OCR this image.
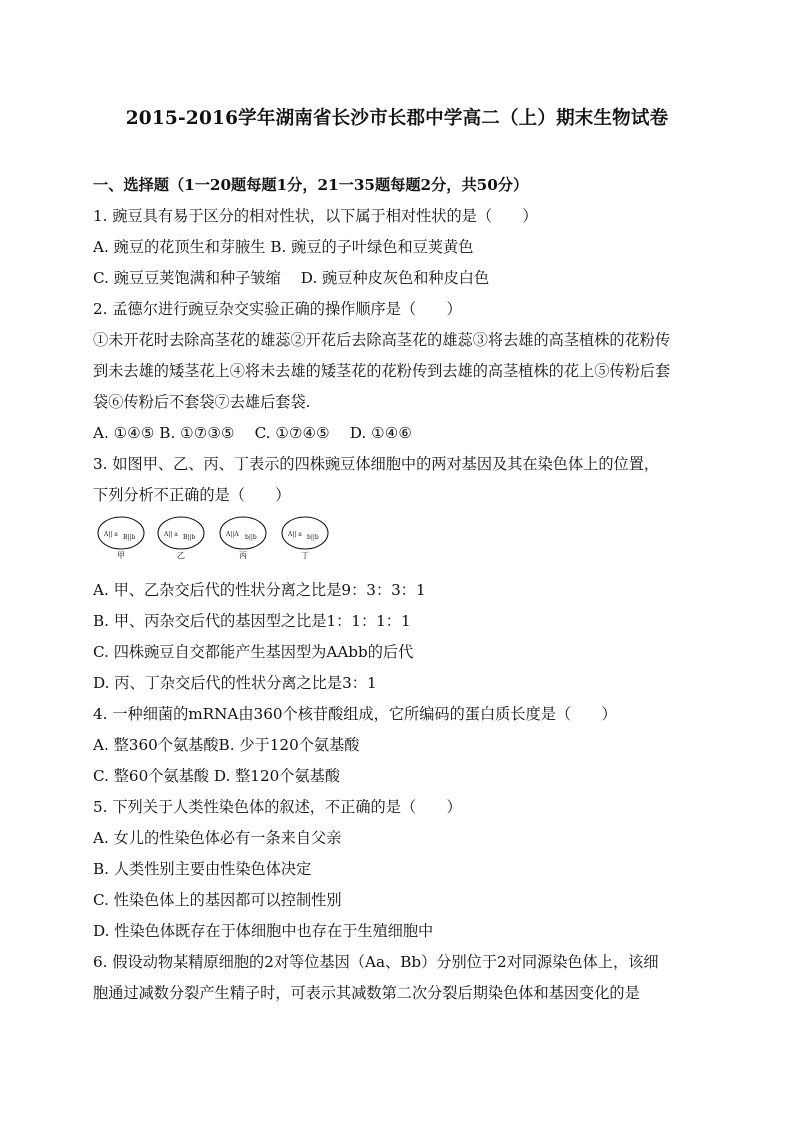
2015-2016学年湖南省长沙市长郡中学高二（上）期末生物试卷
一、选择题（1一20题每题1分，21一35题每题2分，共50分）
1. 豌豆具有易于区分的相对性状，以下属于相对性状的是（　　）
A. 豌豆的花顶生和芽腋生 B. 豌豆的子叶绿色和豆荚黄色
C. 豌豆豆荚饱满和种子皱缩　 D. 豌豆种皮灰色和种皮白色
2. 孟德尔进行豌豆杂交实验正确的操作顺序是（　　）
①未开花时去除高茎花的雄蕊②开花后去除高茎花的雄蕊③将去雄的高茎植株的花粉传
到未去雄的矮茎花上④将未去雄的矮茎花的花粉传到去雄的高茎植株的花上⑤传粉后套
袋⑥传粉后不套袋⑦去雄后套袋.
A. ①④⑤ B. ①⑦③⑤　 C. ①⑦④⑤　 D. ①④⑥
3. 如图甲、乙、丙、丁表示的四株豌豆体细胞中的两对基因及其在染色体上的位置，
下列分析不正确的是（　　）
A|| a B||b
甲
A|| a B||b
乙
A||A b||b
丙
A|| a b||b
丁
A. 甲、乙杂交后代的性状分离之比是9：3：3：1
B. 甲、丙杂交后代的基因型之比是1：1：1：1
C. 四株豌豆自交都能产生基因型为AAbb的后代
D. 丙、丁杂交后代的性状分离之比是3：1
4. 一种细菌的mRNA由360个核苷酸组成，它所编码的蛋白质长度是（　　）
A. 整360个氨基酸B. 少于120个氨基酸
C. 整60个氨基酸 D. 整120个氨基酸
5. 下列关于人类性染色体的叙述，不正确的是（　　）
A. 女儿的性染色体必有一条来自父亲
B. 人类性别主要由性染色体决定
C. 性染色体上的基因都可以控制性别
D. 性染色体既存在于体细胞中也存在于生殖细胞中
6. 假设动物某精原细胞的2对等位基因（Aa、Bb）分别位于2对同源染色体上，该细
胞通过减数分裂产生精子时，可表示其减数第二次分裂后期染色体和基因变化的是
